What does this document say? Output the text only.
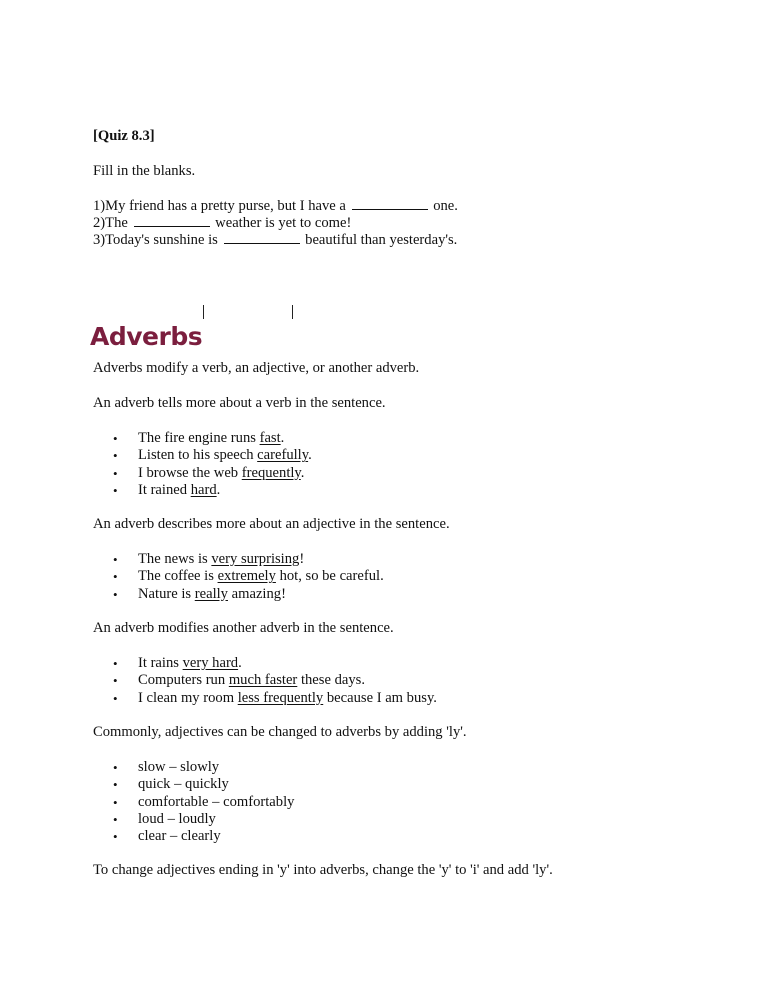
[Quiz 8.3]
Fill in the blanks.
1)My friend has a pretty purse, but I have a	one.
2)The	weather is yet to come!
3)Today's sunshine is	beautiful than yesterday's.
Adverbs
Adverbs modify a verb, an adjective, or another adverb.
An adverb tells more about a verb in the sentence.
• The fire engine runs fast.
• Listen to his speech carefully.
• I browse the web frequently.
• It rained hard.
An adverb describes more about an adjective in the sentence.
• The news is very surprising!
• The coffee is extremely hot, so be careful.
• Nature is really amazing!
An adverb modifies another adverb in the sentence.
• It rains very hard.
• Computers run much faster these days.
• I clean my room less frequently because I am busy.
Commonly, adjectives can be changed to adverbs by adding 'ly'.
• slow – slowly
• quick – quickly
• comfortable – comfortably
• loud – loudly
• clear – clearly
To change adjectives ending in 'y' into adverbs, change the 'y' to 'i' and add 'ly'.
